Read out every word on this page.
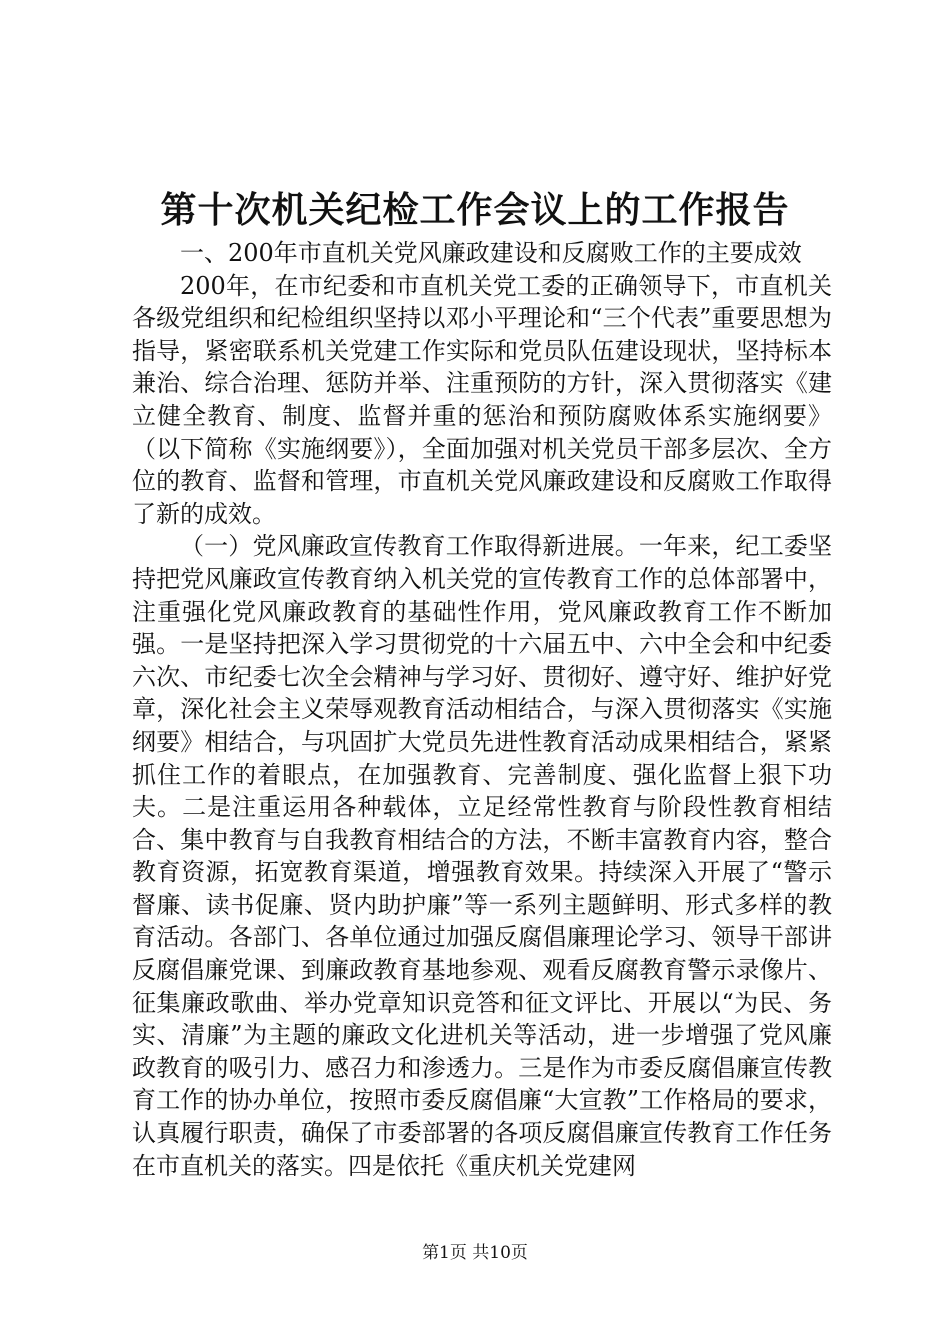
第十次机关纪检工作会议上的工作报告

一、200年市直机关党风廉政建设和反腐败工作的主要成效

200年，在市纪委和市直机关党工委的正确领导下，市直机关各级党组织和纪检组织坚持以邓小平理论和“三个代表”重要思想为指导，紧密联系机关党建工作实际和党员队伍建设现状，坚持标本兼治、综合治理、惩防并举、注重预防的方针，深入贯彻落实《建立健全教育、制度、监督并重的惩治和预防腐败体系实施纲要》（以下简称《实施纲要》），全面加强对机关党员干部多层次、全方位的教育、监督和管理，市直机关党风廉政建设和反腐败工作取得了新的成效。

（一）党风廉政宣传教育工作取得新进展。一年来，纪工委坚持把党风廉政宣传教育纳入机关党的宣传教育工作的总体部署中，注重强化党风廉政教育的基础性作用，党风廉政教育工作不断加强。一是坚持把深入学习贯彻党的十六届五中、六中全会和中纪委六次、市纪委七次全会精神与学习好、贯彻好、遵守好、维护好党章，深化社会主义荣辱观教育活动相结合，与深入贯彻落实《实施纲要》相结合，与巩固扩大党员先进性教育活动成果相结合，紧紧抓住工作的着眼点，在加强教育、完善制度、强化监督上狠下功夫。二是注重运用各种载体，立足经常性教育与阶段性教育相结合、集中教育与自我教育相结合的方法，不断丰富教育内容，整合教育资源，拓宽教育渠道，增强教育效果。持续深入开展了“警示督廉、读书促廉、贤内助护廉”等一系列主题鲜明、形式多样的教育活动。各部门、各单位通过加强反腐倡廉理论学习、领导干部讲反腐倡廉党课、到廉政教育基地参观、观看反腐教育警示录像片、征集廉政歌曲、举办党章知识竞答和征文评比、开展以“为民、务实、清廉”为主题的廉政文化进机关等活动，进一步增强了党风廉政教育的吸引力、感召力和渗透力。三是作为市委反腐倡廉宣传教育工作的协办单位，按照市委反腐倡廉“大宣教”工作格局的要求，认真履行职责，确保了市委部署的各项反腐倡廉宣传教育工作任务在市直机关的落实。四是依托《重庆机关党建网

第1页 共10页
